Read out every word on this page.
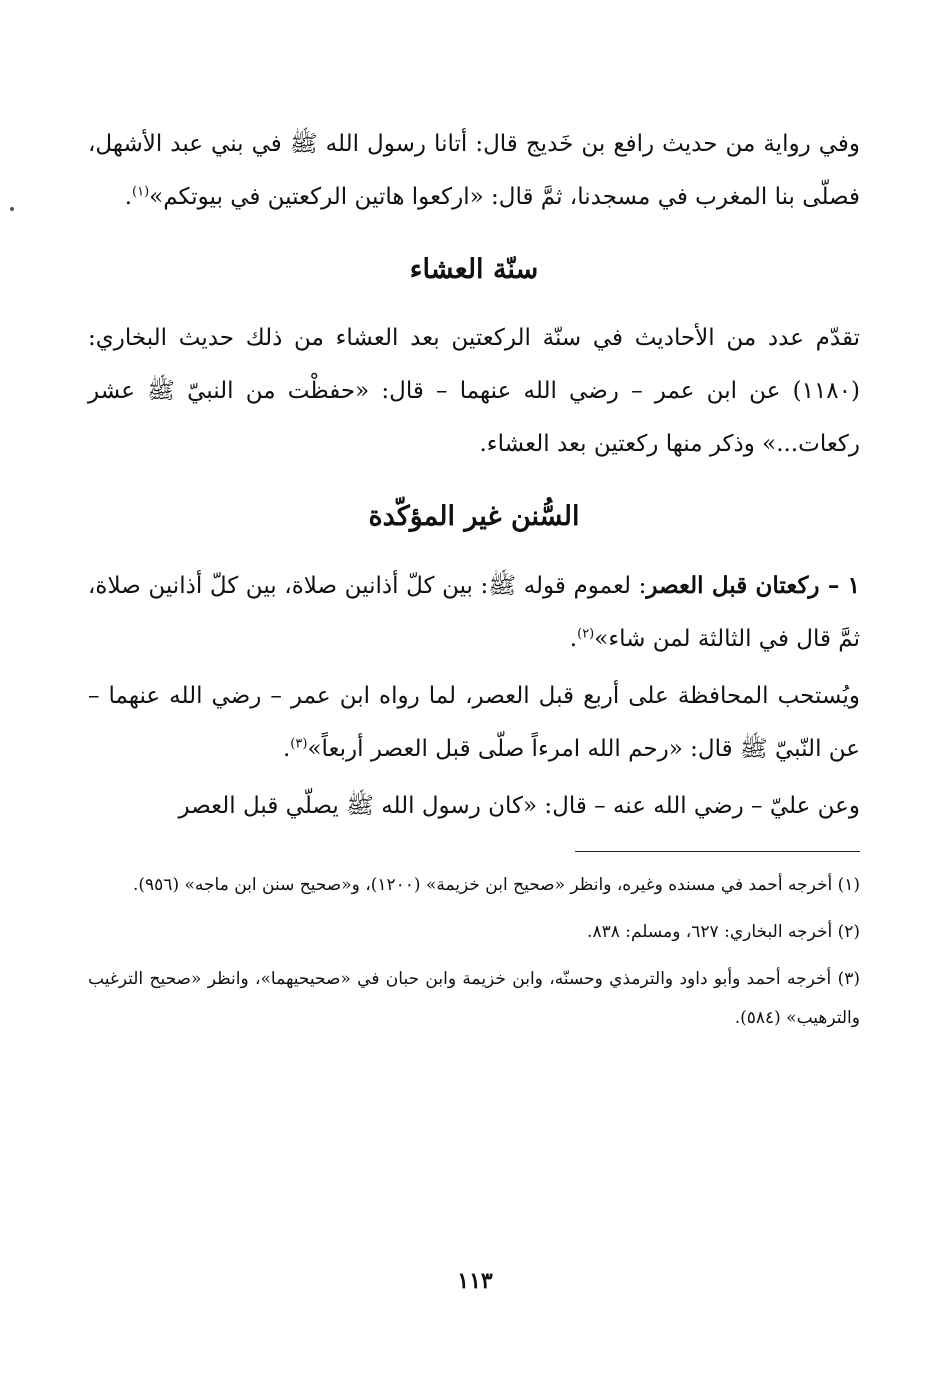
وفي رواية من حديث رافع بن خَديج قال: أتانا رسول الله ﷺ في بني عبد الأشهل، فصلّى بنا المغرب في مسجدنا، ثمَّ قال: «اركعوا هاتين الركعتين في بيوتكم»$^{(١)}$.

سنّة العشاء

تقدّم عدد من الأحاديث في سنّة الركعتين بعد العشاء من ذلك حديث البخاري: (١١٨٠) عن ابن عمر – رضي الله عنهما – قال: «حفظْت من النبيّ ﷺ عشر ركعات...» وذكر منها ركعتين بعد العشاء.

السُّنن غير المؤكّدة

١ – ركعتان قبل العصر: لعموم قوله ﷺ: بين كلّ أذانين صلاة، بين كلّ أذانين صلاة، ثمَّ قال في الثالثة لمن شاء»$^{(٢)}$.

ويُستحب المحافظة على أربع قبل العصر، لما رواه ابن عمر – رضي الله عنهما – عن النّبيّ ﷺ قال: «رحم الله امرءاً صلّى قبل العصر أربعاً»$^{(٣)}$.

وعن عليّ – رضي الله عنه – قال: «كان رسول الله ﷺ يصلّي قبل العصر

(١) أخرجه أحمد في مسنده وغيره، وانظر «صحيح ابن خزيمة» (١٢٠٠)، و«صحيح سنن ابن ماجه» (٩٥٦).

(٢) أخرجه البخاري: ٦٢٧، ومسلم: ٨٣٨.

(٣) أخرجه أحمد وأبو داود والترمذي وحسنّه، وابن خزيمة وابن حبان في «صحيحيهما»، وانظر «صحيح الترغيب والترهيب» (٥٨٤).

١١٣
